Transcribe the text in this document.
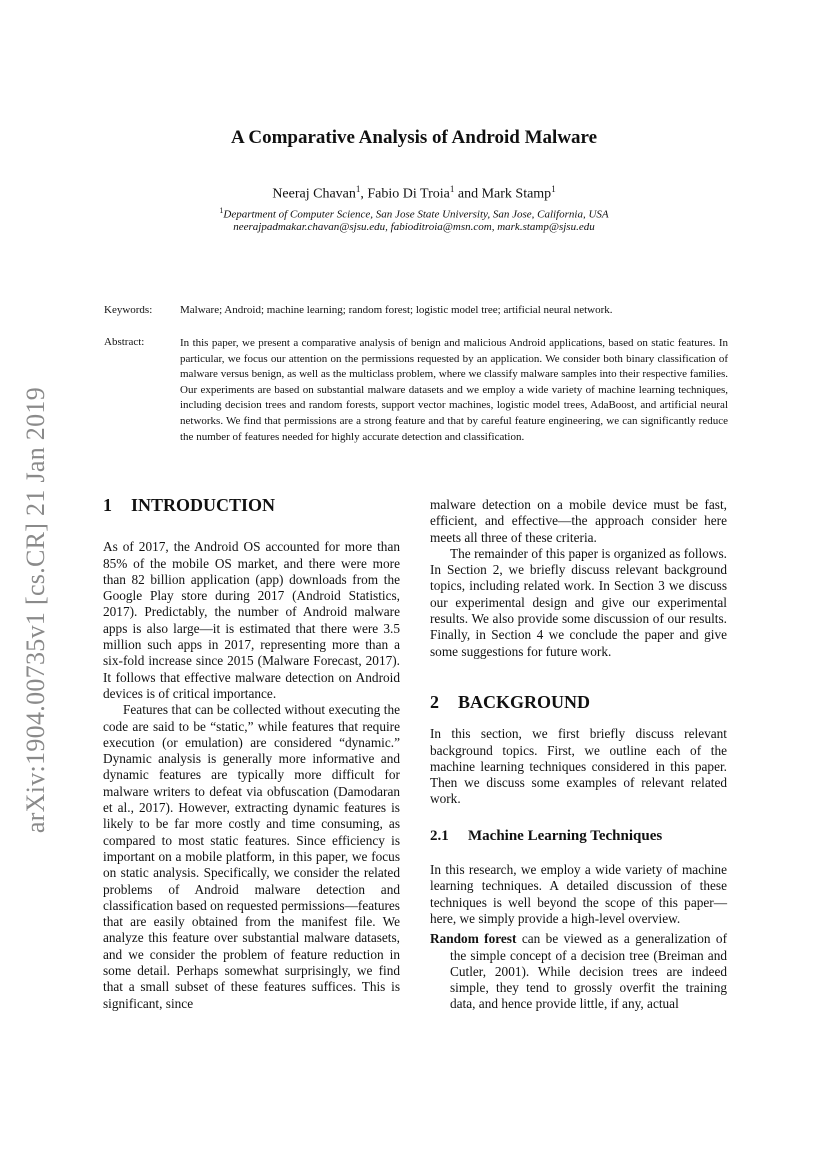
arXiv:1904.00735v1 [cs.CR] 21 Jan 2019
A Comparative Analysis of Android Malware
Neeraj Chavan$^1$, Fabio Di Troia$^1$ and Mark Stamp$^1$
$^1$Department of Computer Science, San Jose State University, San Jose, California, USA
neerajpadmakar.chavan@sjsu.edu, fabioditroia@msn.com, mark.stamp@sjsu.edu
Keywords:	Malware; Android; machine learning; random forest; logistic model tree; artificial neural network.
Abstract:	In this paper, we present a comparative analysis of benign and malicious Android applications, based on static features. In particular, we focus our attention on the permissions requested by an application. We consider both binary classification of malware versus benign, as well as the multiclass problem, where we classify malware samples into their respective families. Our experiments are based on substantial malware datasets and we employ a wide variety of machine learning techniques, including decision trees and random forests, support vector machines, logistic model trees, AdaBoost, and artificial neural networks. We find that permissions are a strong feature and that by careful feature engineering, we can significantly reduce the number of features needed for highly accurate detection and classification.
1	INTRODUCTION

As of 2017, the Android OS accounted for more than 85% of the mobile OS market, and there were more than 82 billion application (app) downloads from the Google Play store during 2017 (Android Statistics, 2017). Predictably, the number of Android malware apps is also large—it is estimated that there were 3.5 million such apps in 2017, representing more than a six-fold increase since 2015 (Malware Forecast, 2017). It follows that effective malware detection on Android devices is of critical importance.

Features that can be collected without executing the code are said to be “static,” while features that require execution (or emulation) are considered “dynamic.” Dynamic analysis is generally more informative and dynamic features are typically more difficult for malware writers to defeat via obfuscation (Damodaran et al., 2017). However, extracting dynamic features is likely to be far more costly and time consuming, as compared to most static features. Since efficiency is important on a mobile platform, in this paper, we focus on static analysis. Specifically, we consider the related problems of Android malware detection and classification based on requested permissions—features that are easily obtained from the manifest file. We analyze this feature over substantial malware datasets, and we consider the problem of feature reduction in some detail. Perhaps somewhat surprisingly, we find that a small subset of these features suffices. This is significant, since

malware detection on a mobile device must be fast, efficient, and effective—the approach consider here meets all three of these criteria.

The remainder of this paper is organized as follows. In Section 2, we briefly discuss relevant background topics, including related work. In Section 3 we discuss our experimental design and give our experimental results. We also provide some discussion of our results. Finally, in Section 4 we conclude the paper and give some suggestions for future work.

2	BACKGROUND

In this section, we first briefly discuss relevant background topics. First, we outline each of the machine learning techniques considered in this paper. Then we discuss some examples of relevant related work.

2.1	Machine Learning Techniques

In this research, we employ a wide variety of machine learning techniques. A detailed discussion of these techniques is well beyond the scope of this paper—here, we simply provide a high-level overview.

Random forest can be viewed as a generalization of the simple concept of a decision tree (Breiman and Cutler, 2001). While decision trees are indeed simple, they tend to grossly overfit the training data, and hence provide little, if any, actual
